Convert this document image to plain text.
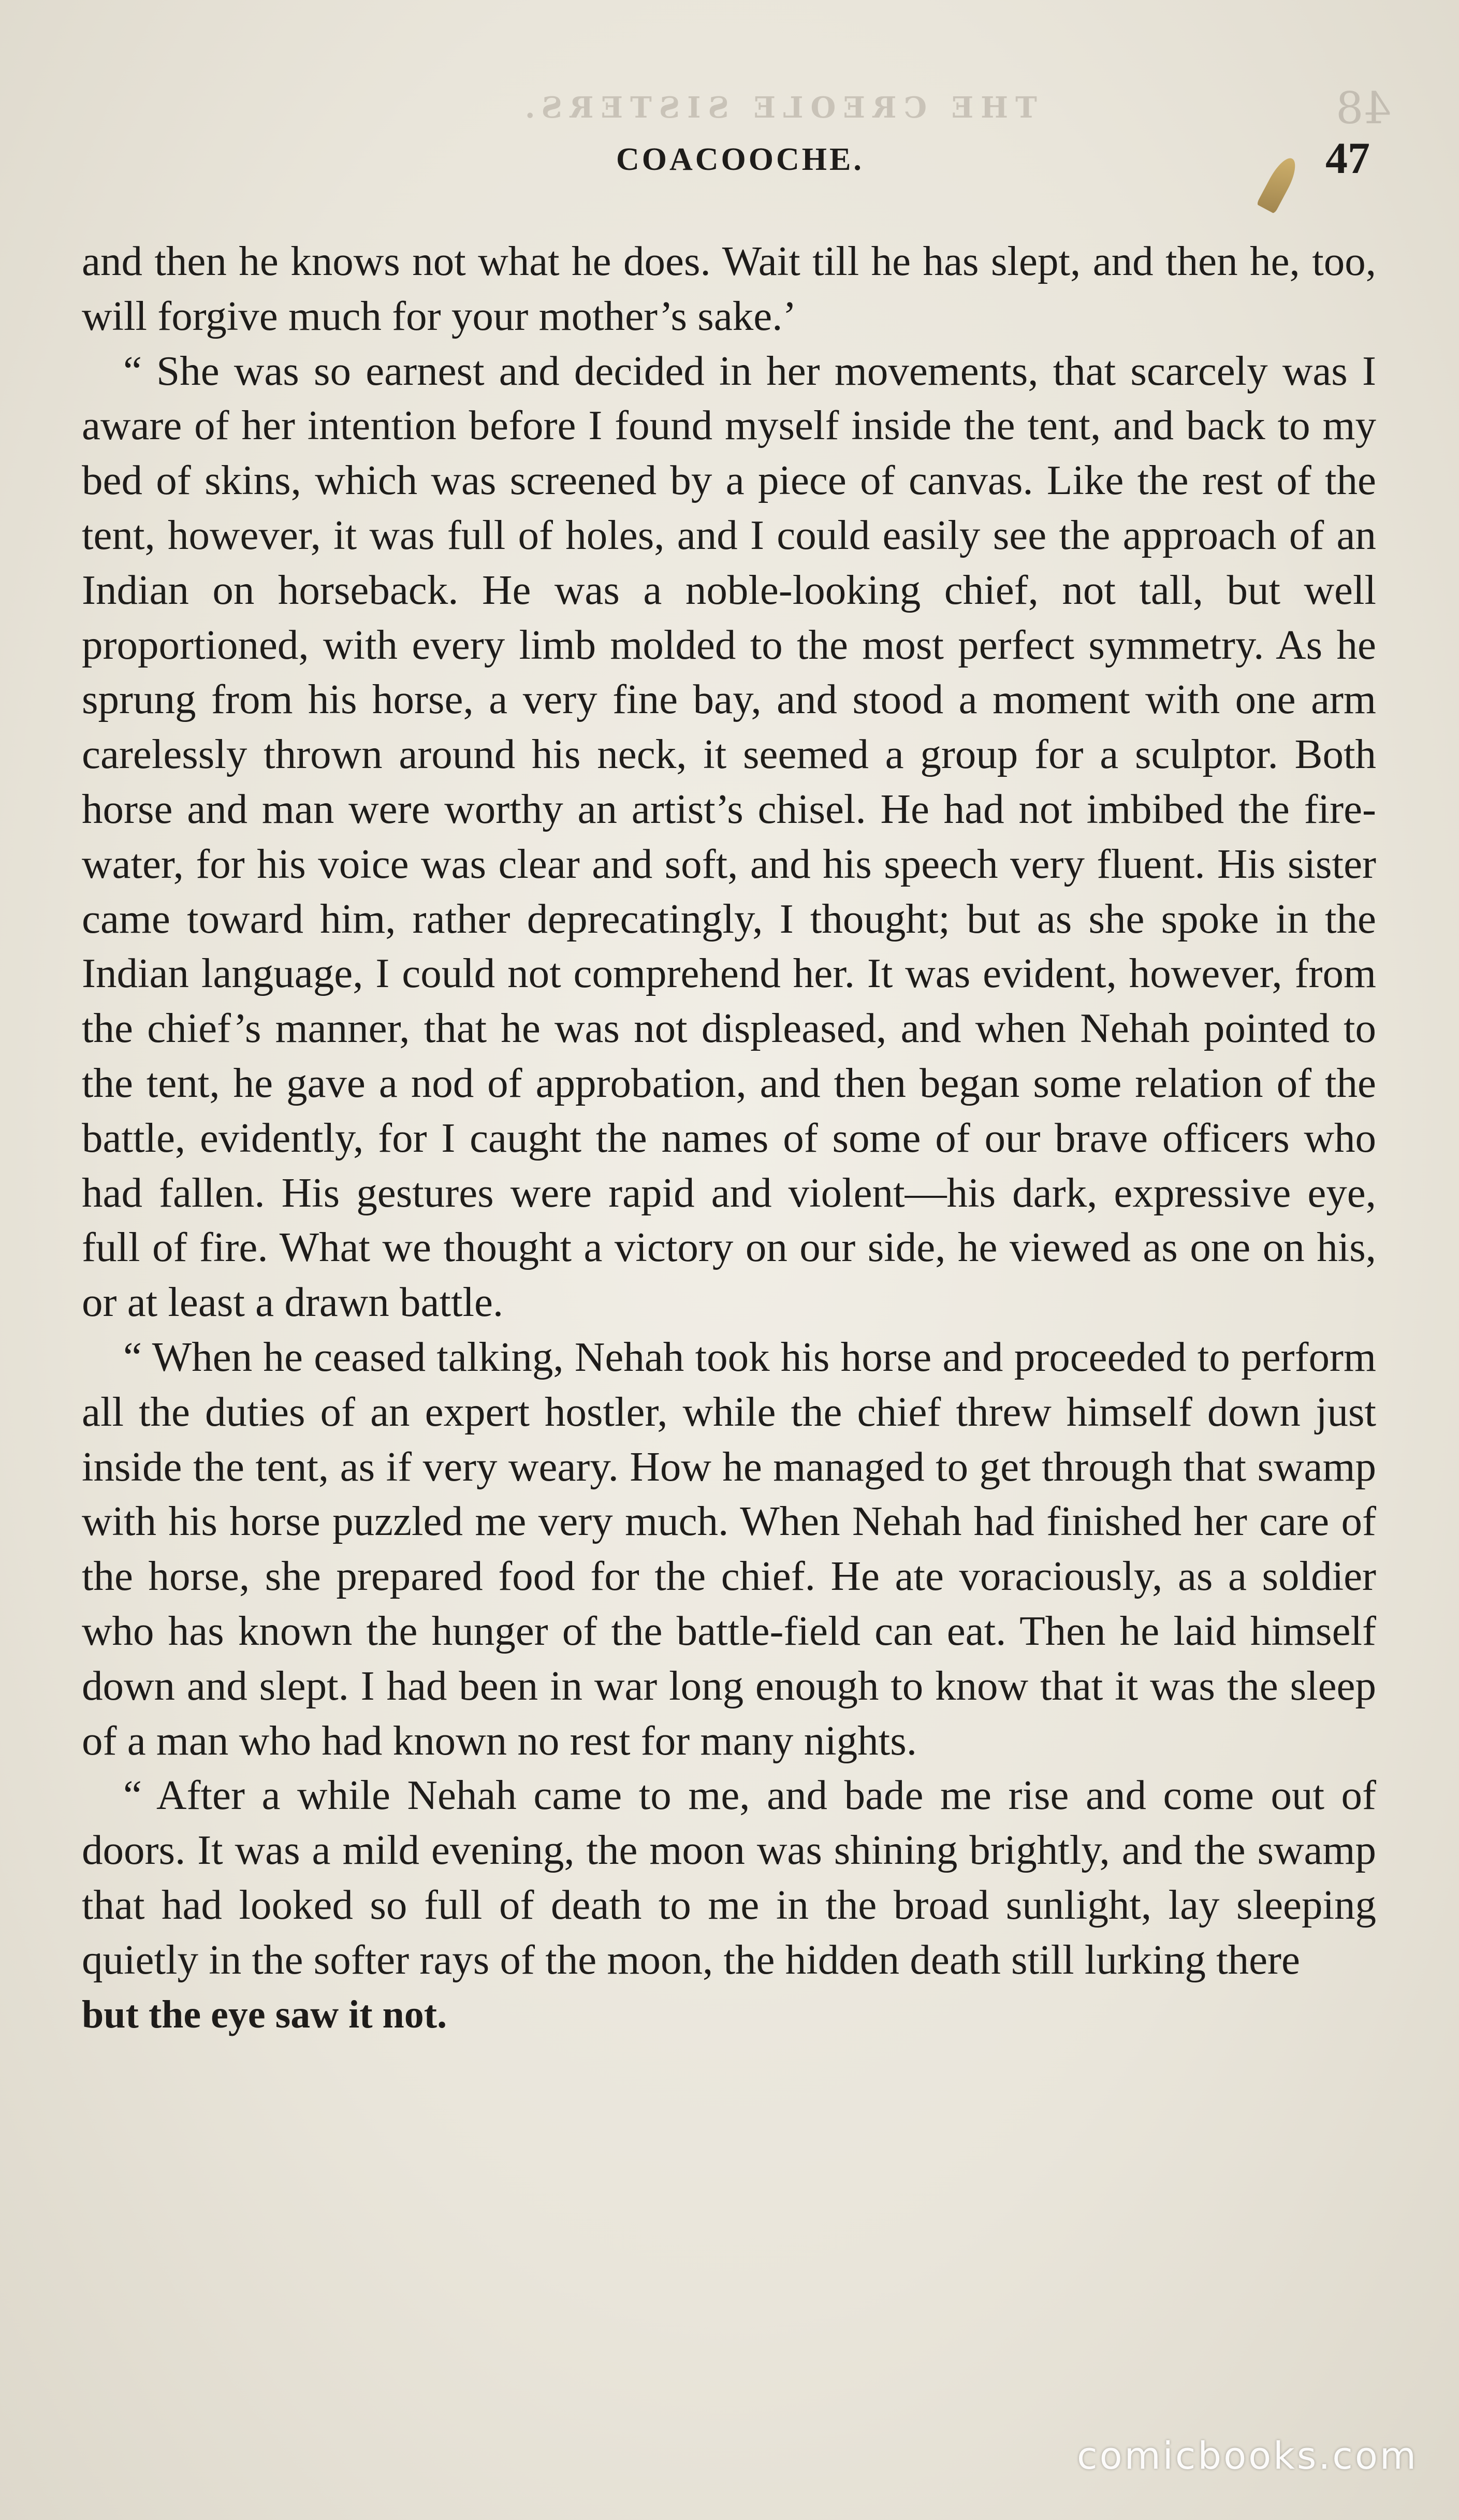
THE CREOLE SISTERS.	48
COACOOCHE.	47

and then he knows not what he does. Wait till he has slept, and then he, too, will forgive much for your mother’s sake.’

“ She was so earnest and decided in her movements, that scarcely was I aware of her intention before I found myself inside the tent, and back to my bed of skins, which was screened by a piece of canvas. Like the rest of the tent, however, it was full of holes, and I could easily see the approach of an Indian on horseback. He was a noble-looking chief, not tall, but well proportioned, with every limb molded to the most perfect symmetry. As he sprung from his horse, a very fine bay, and stood a moment with one arm carelessly thrown around his neck, it seemed a group for a sculptor. Both horse and man were worthy an artist’s chisel. He had not imbibed the fire-water, for his voice was clear and soft, and his speech very fluent. His sister came toward him, rather deprecatingly, I thought; but as she spoke in the Indian language, I could not comprehend her. It was evident, however, from the chief’s manner, that he was not displeased, and when Nehah pointed to the tent, he gave a nod of approbation, and then began some relation of the battle, evidently, for I caught the names of some of our brave officers who had fallen. His gestures were rapid and violent—his dark, expressive eye, full of fire. What we thought a victory on our side, he viewed as one on his, or at least a drawn battle.

“ When he ceased talking, Nehah took his horse and proceeded to perform all the duties of an expert hostler, while the chief threw himself down just inside the tent, as if very weary. How he managed to get through that swamp with his horse puzzled me very much. When Nehah had finished her care of the horse, she prepared food for the chief. He ate voraciously, as a soldier who has known the hunger of the battle-field can eat. Then he laid himself down and slept. I had been in war long enough to know that it was the sleep of a man who had known no rest for many nights.

“ After a while Nehah came to me, and bade me rise and come out of doors. It was a mild evening, the moon was shining brightly, and the swamp that had looked so full of death to me in the broad sunlight, lay sleeping quietly in the softer rays of the moon, the hidden death still lurking there

but the eye saw it not.

comicbooks.com
